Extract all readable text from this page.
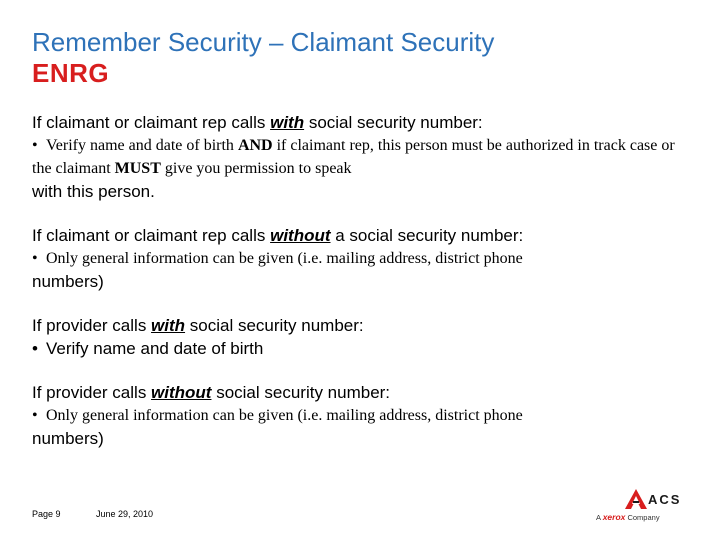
Remember Security – Claimant Security
ENRG
If claimant or claimant rep calls with social security number:
• Verify name and date of birth AND if claimant rep, this person must be authorized in track case or the claimant MUST give you permission to speak
with this person.
If claimant or claimant rep calls without a social security number:
• Only general information can be given (i.e. mailing address, district phone
numbers)
If provider calls with social security number:
• Verify name and date of birth
If provider calls without social security number:
• Only general information can be given (i.e. mailing address, district phone
numbers)
Page 9	June 29, 2010
ACS
A xerox Company
